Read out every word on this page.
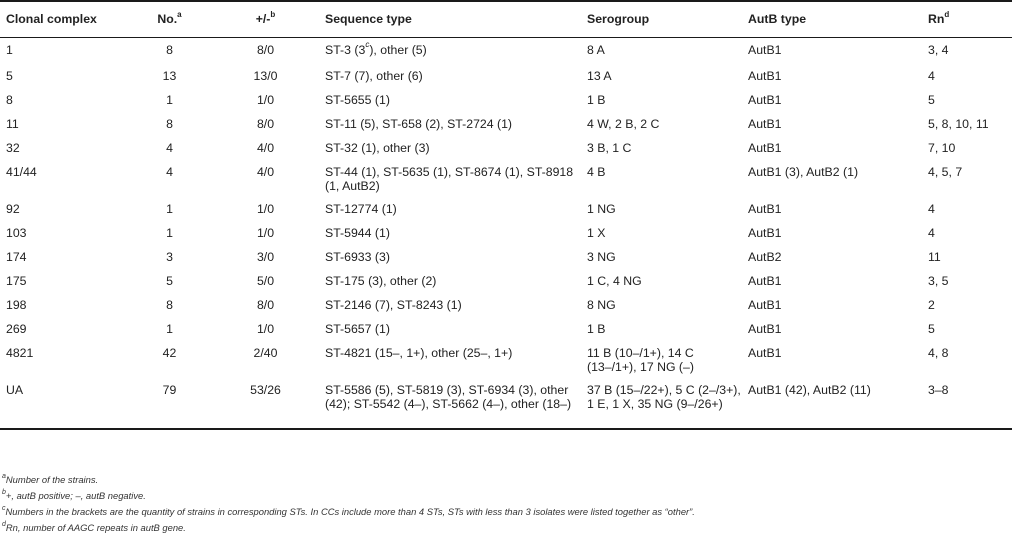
Clonal complex	No.$^a$	+/-$^b$	Sequence type	Serogroup	AutB type	Rn$^d$
1	8	8/0	ST-3 (3$^c$), other (5)	8 A	AutB1	3, 4
5	13	13/0	ST-7 (7), other (6)	13 A	AutB1	4
8	1	1/0	ST-5655 (1)	1 B	AutB1	5
11	8	8/0	ST-11 (5), ST-658 (2), ST-2724 (1)	4 W, 2 B, 2 C	AutB1	5, 8, 10, 11
32	4	4/0	ST-32 (1), other (3)	3 B, 1 C	AutB1	7, 10
41/44	4	4/0	ST-44 (1), ST-5635 (1), ST-8674 (1), ST-8918 (1, AutB2)	4 B	AutB1 (3), AutB2 (1)	4, 5, 7
92	1	1/0	ST-12774 (1)	1 NG	AutB1	4
103	1	1/0	ST-5944 (1)	1 X	AutB1	4
174	3	3/0	ST-6933 (3)	3 NG	AutB2	11
175	5	5/0	ST-175 (3), other (2)	1 C, 4 NG	AutB1	3, 5
198	8	8/0	ST-2146 (7), ST-8243 (1)	8 NG	AutB1	2
269	1	1/0	ST-5657 (1)	1 B	AutB1	5
4821	42	2/40	ST-4821 (15–, 1+), other (25–, 1+)	11 B (10–/1+), 14 C (13–/1+), 17 NG (–)	AutB1	4, 8
UA	79	53/26	ST-5586 (5), ST-5819 (3), ST-6934 (3), other (42); ST-5542 (4–), ST-5662 (4–), other (18–)	37 B (15–/22+), 5 C (2–/3+), 1 E, 1 X, 35 NG (9–/26+)	AutB1 (42), AutB2 (11)	3–8
$^a$Number of the strains.
$^b$+, autB positive; –, autB negative.
$^c$Numbers in the brackets are the quantity of strains in corresponding STs. In CCs include more than 4 STs, STs with less than 3 isolates were listed together as “other”.
$^d$Rn, number of AAGC repeats in autB gene.
